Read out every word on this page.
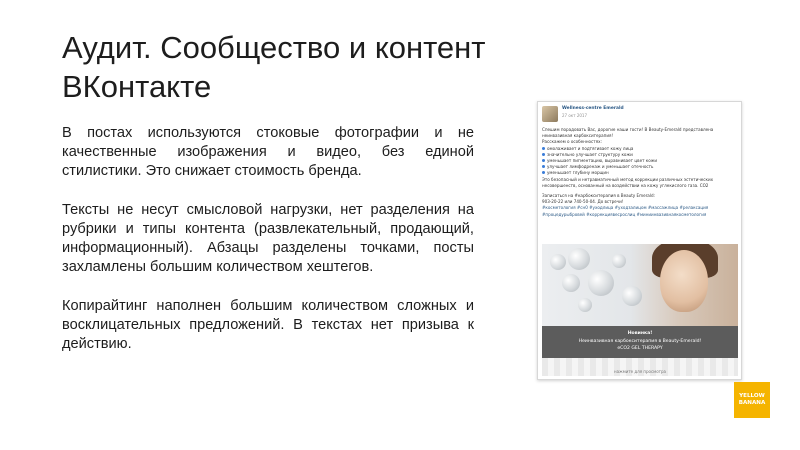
Аудит. Сообщество и контент
ВКонтакте

В постах используются стоковые фотографии и не качественные изображения и видео, без единой стилистики. Это снижает стоимость бренда.

Тексты не несут смысловой нагрузки, нет разделения на рубрики и типы контента (развлекательный, продающий, информационный). Абзацы разделены точками, посты захламлены большим количеством хештегов.

Копирайтинг наполнен большим количеством сложных и восклицательных предложений. В текстах нет призыва к действию.

Wellness-centre Emerald
27 окт 2017
Спешим порадовать Вас, дорогие наши гости! В Beauty-Emerald представлена
неинвазивная карбокситерапия!
Расскажем о особенностях:
омолаживает и подтягивает кожу лица
значительно улучшает структуру кожи
уменьшает пигментацию, выравнивает цвет кожи
улучшает лимфодренаж и уменьшает отечность
уменьшает глубину морщин
Это безопасный и нетравматичный метод коррекции различных эстетических
несовершенств, основанный на воздействии на кожу углекислого газа. СО2
Записаться на #карбокситерапия в Beauty Emerald:
903-20-22 или 740-50-04. До встречи!
#косметология #сн0 #уходлица #уходзалицом #массажлица #релаксация
#процедурыбровей #коррекциявесрослиц #миниинвазивнаякосметология
Новинка!
Неинвазивная карбокситерапия в Beauty-Emerald!
eCO2 GEL THERAPY
нажмите для просмотра
YELLOW
BANANA
